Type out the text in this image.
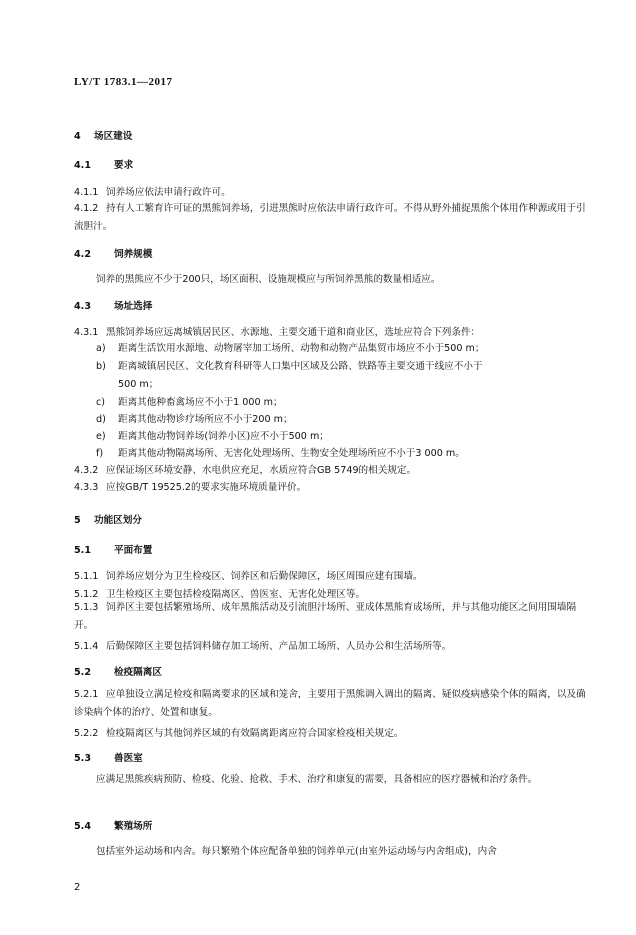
LY/T 1783.1—2017
4 场区建设
4.1 要求
4.1.1 饲养场应依法申请行政许可。
4.1.2 持有人工繁育许可证的黑熊饲养场，引进黑熊时应依法申请行政许可。不得从野外捕捉黑熊个体用作种源或用于引流胆汁。
4.2 饲养规模
饲养的黑熊应不少于200只，场区面积、设施规模应与所饲养黑熊的数量相适应。
4.3 场址选择
4.3.1 黑熊饲养场应远离城镇居民区、水源地、主要交通干道和商业区，选址应符合下列条件：
a) 距离生活饮用水源地、动物屠宰加工场所、动物和动物产品集贸市场应不小于500 m；
b) 距离城镇居民区、文化教育科研等人口集中区域及公路、铁路等主要交通干线应不小于
500 m；
c) 距离其他种畜禽场应不小于1 000 m；
d) 距离其他动物诊疗场所应不小于200 m；
e) 距离其他动物饲养场(饲养小区)应不小于500 m；
f) 距离其他动物隔离场所、无害化处理场所、生物安全处理场所应不小于3 000 m。
4.3.2 应保证场区环境安静、水电供应充足，水质应符合GB 5749的相关规定。
4.3.3 应按GB/T 19525.2的要求实施环境质量评价。
5 功能区划分
5.1 平面布置
5.1.1 饲养场应划分为卫生检疫区、饲养区和后勤保障区，场区周围应建有围墙。
5.1.2 卫生检疫区主要包括检疫隔离区、兽医室、无害化处理区等。
5.1.3 饲养区主要包括繁殖场所、成年黑熊活动及引流胆汁场所、亚成体黑熊育成场所，并与其他功能区之间用围墙隔开。
5.1.4 后勤保障区主要包括饲料储存加工场所、产品加工场所、人员办公和生活场所等。
5.2 检疫隔离区
5.2.1 应单独设立满足检疫和隔离要求的区域和笼舍，主要用于黑熊调入调出的隔离、疑似疫病感染个体的隔离，以及确诊染病个体的治疗、处置和康复。
5.2.2 检疫隔离区与其他饲养区域的有效隔离距离应符合国家检疫相关规定。
5.3 兽医室
应满足黑熊疾病预防、检疫、化验、抢救、手术、治疗和康复的需要，具备相应的医疗器械和治疗条件。
5.4 繁殖场所
包括室外运动场和内舍。每只繁殖个体应配备单独的饲养单元(由室外运动场与内舍组成)，内舍
2
